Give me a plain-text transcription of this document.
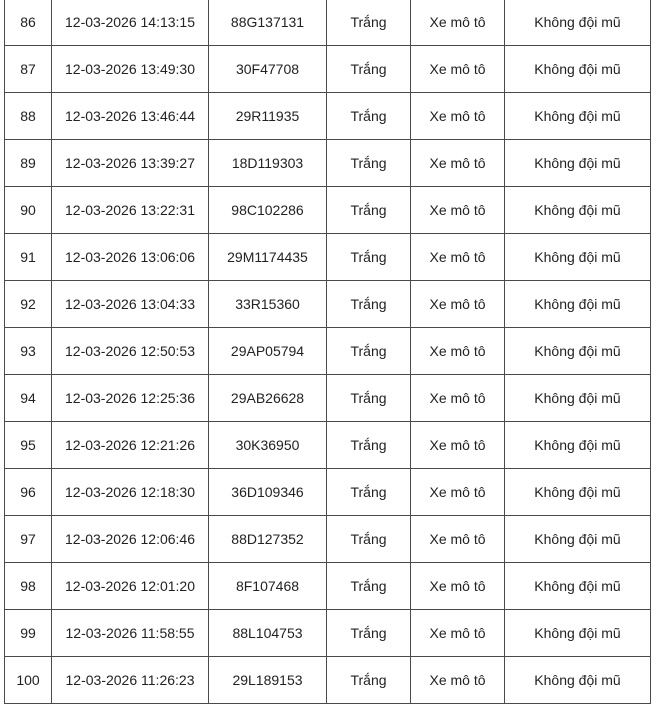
86	12-03-2026 14:13:15	88G137131	Trắng	Xe mô tô	Không đội mũ
87	12-03-2026 13:49:30	30F47708	Trắng	Xe mô tô	Không đội mũ
88	12-03-2026 13:46:44	29R11935	Trắng	Xe mô tô	Không đội mũ
89	12-03-2026 13:39:27	18D119303	Trắng	Xe mô tô	Không đội mũ
90	12-03-2026 13:22:31	98C102286	Trắng	Xe mô tô	Không đội mũ
91	12-03-2026 13:06:06	29M1174435	Trắng	Xe mô tô	Không đội mũ
92	12-03-2026 13:04:33	33R15360	Trắng	Xe mô tô	Không đội mũ
93	12-03-2026 12:50:53	29AP05794	Trắng	Xe mô tô	Không đội mũ
94	12-03-2026 12:25:36	29AB26628	Trắng	Xe mô tô	Không đội mũ
95	12-03-2026 12:21:26	30K36950	Trắng	Xe mô tô	Không đội mũ
96	12-03-2026 12:18:30	36D109346	Trắng	Xe mô tô	Không đội mũ
97	12-03-2026 12:06:46	88D127352	Trắng	Xe mô tô	Không đội mũ
98	12-03-2026 12:01:20	8F107468	Trắng	Xe mô tô	Không đội mũ
99	12-03-2026 11:58:55	88L104753	Trắng	Xe mô tô	Không đội mũ
100	12-03-2026 11:26:23	29L189153	Trắng	Xe mô tô	Không đội mũ
